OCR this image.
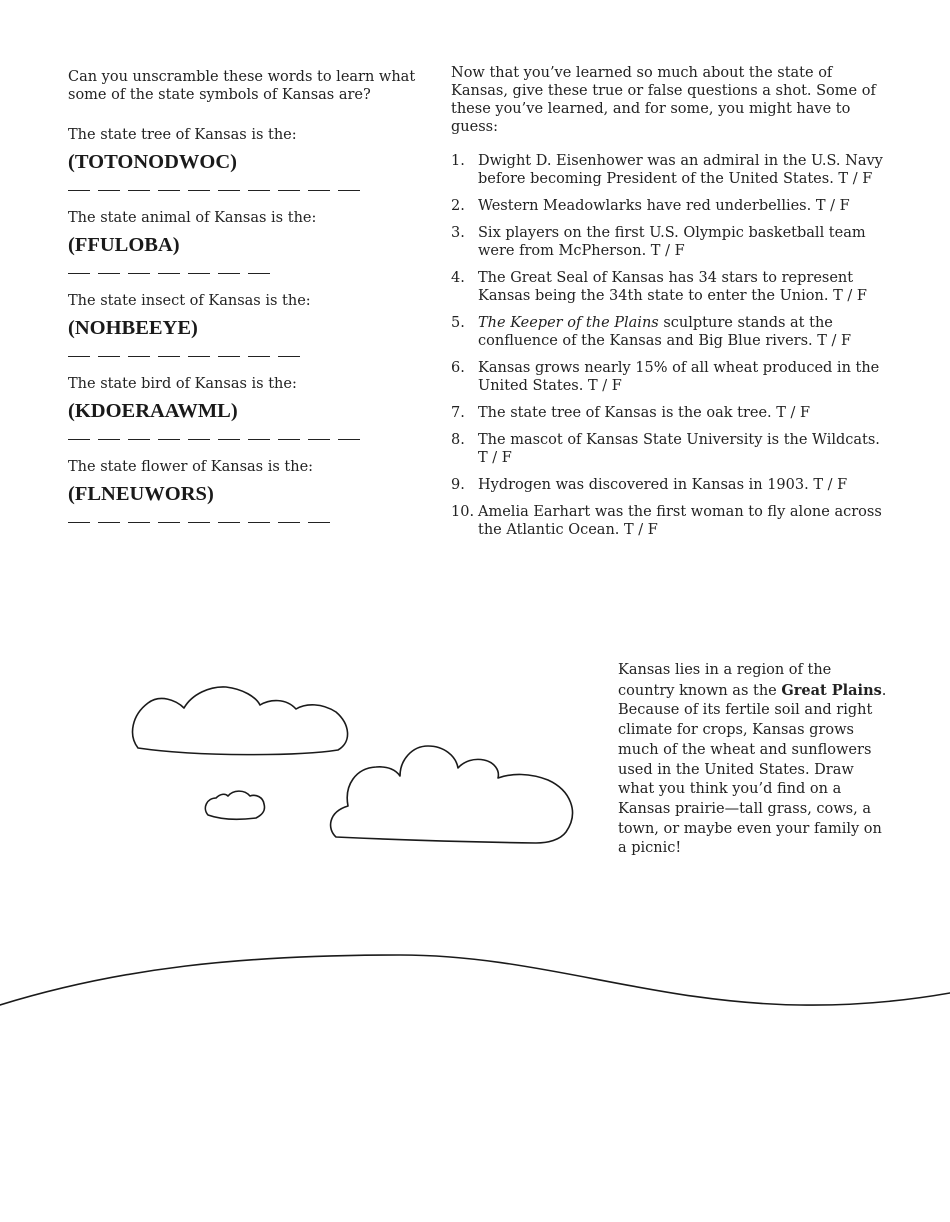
Can you unscramble these words to learn what some of the state symbols of Kansas are?

The state tree of Kansas is the:

(TOTONODWOC)

The state animal of Kansas is the:

(FFULOBA)

The state insect of Kansas is the:

(NOHBEEYE)

The state bird of Kansas is the:

(KDOERAAWML)

The state flower of Kansas is the:

(FLNEUWORS)

Now that you’ve learned so much about the state of Kansas, give these true or false questions a shot. Some of these you’ve learned, and for some, you might have to guess:

1. Dwight D. Eisenhower was an admiral in the U.S. Navy before becoming President of the United States. T / F
2. Western Meadowlarks have red underbellies. T / F
3. Six players on the first U.S. Olympic basketball team were from McPherson. T / F
4. The Great Seal of Kansas has 34 stars to represent Kansas being the 34th state to enter the Union. T / F
5. The Keeper of the Plains sculpture stands at the confluence of the Kansas and Big Blue rivers. T / F
6. Kansas grows nearly 15% of all wheat produced in the United States. T / F
7. The state tree of Kansas is the oak tree. T / F
8. The mascot of Kansas State University is the Wildcats. T / F
9. Hydrogen was discovered in Kansas in 1903. T / F
10. Amelia Earhart was the first woman to fly alone across the Atlantic Ocean. T / F
Kansas lies in a region of the country known as the Great Plains. Because of its fertile soil and right climate for crops, Kansas grows much of the wheat and sunflowers used in the United States. Draw what you think you’d find on a Kansas prairie—tall grass, cows, a town, or maybe even your family on a picnic!
